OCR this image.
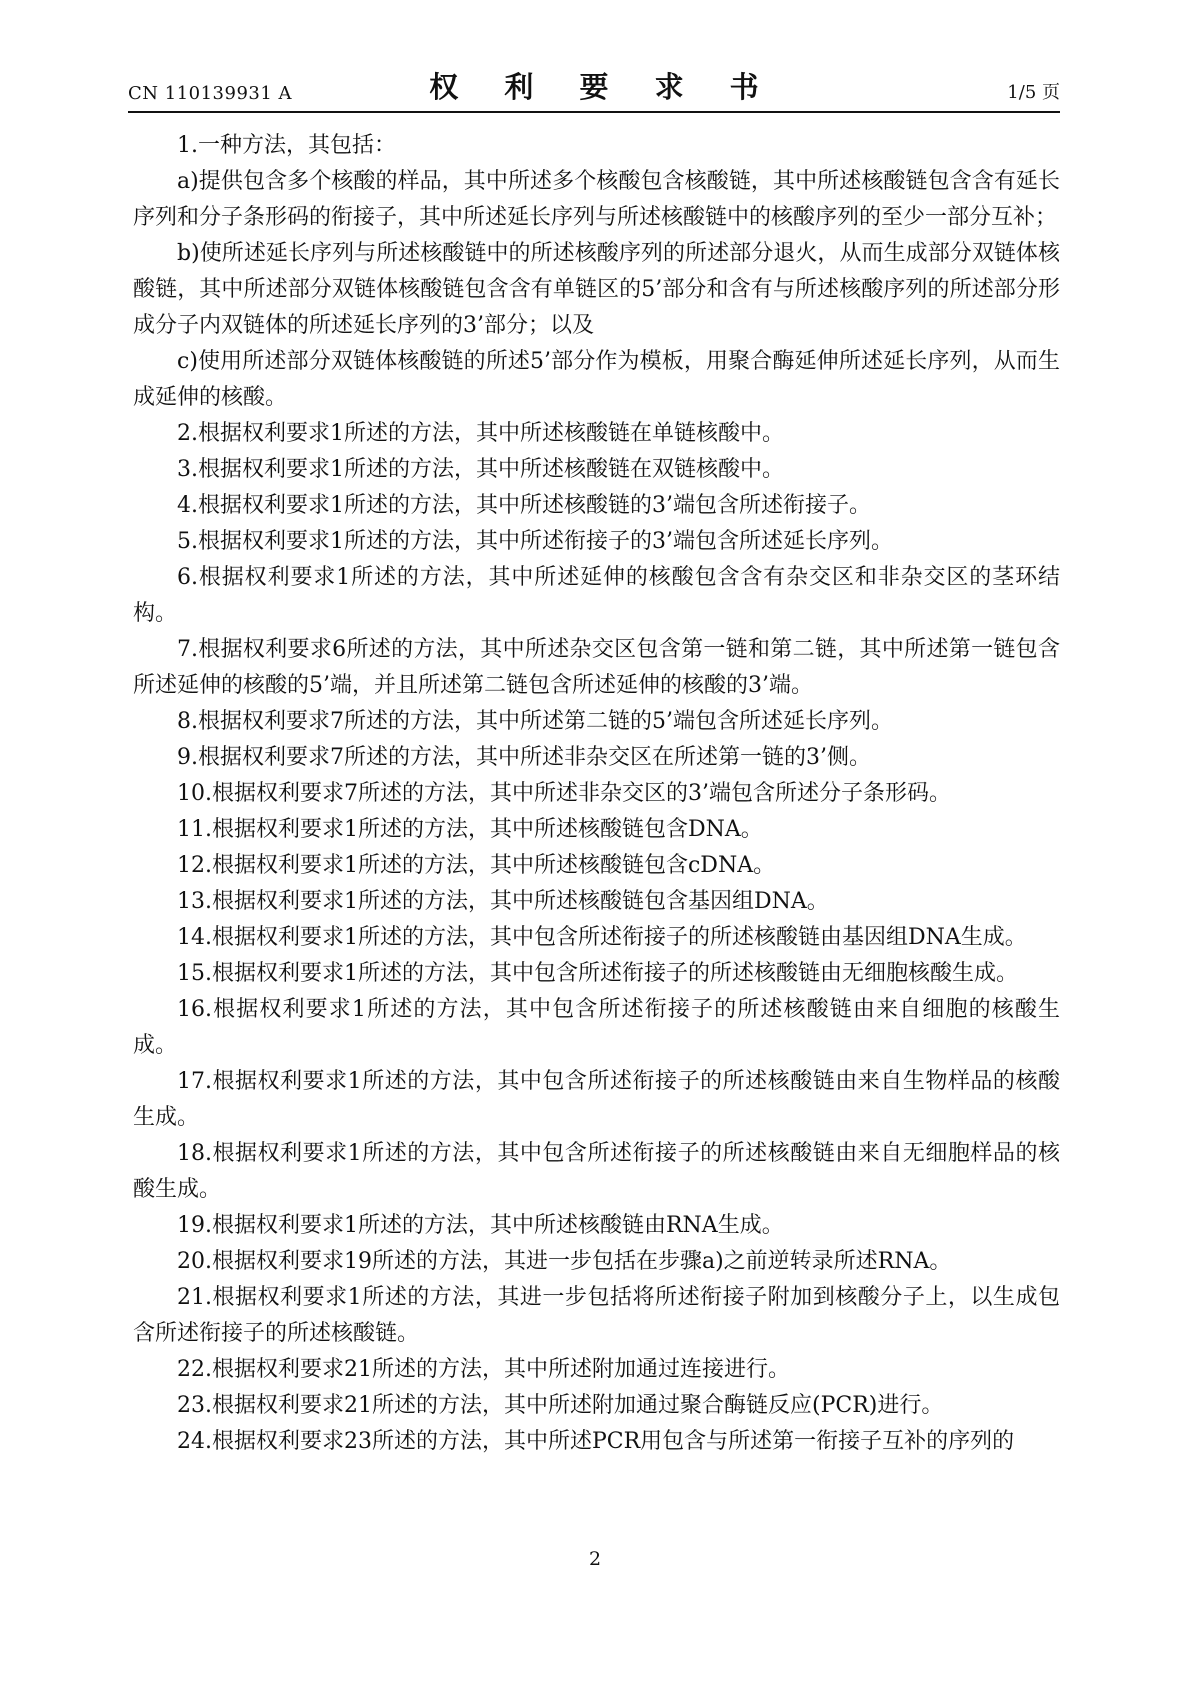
CN 110139931 A	权 利 要 求 书	1/5 页

1.一种方法，其包括：

a)提供包含多个核酸的样品，其中所述多个核酸包含核酸链，其中所述核酸链包含含有延长序列和分子条形码的衔接子，其中所述延长序列与所述核酸链中的核酸序列的至少一部分互补；

b)使所述延长序列与所述核酸链中的所述核酸序列的所述部分退火，从而生成部分双链体核酸链，其中所述部分双链体核酸链包含含有单链区的5’部分和含有与所述核酸序列的所述部分形成分子内双链体的所述延长序列的3’部分；以及

c)使用所述部分双链体核酸链的所述5’部分作为模板，用聚合酶延伸所述延长序列，从而生成延伸的核酸。

2.根据权利要求1所述的方法，其中所述核酸链在单链核酸中。

3.根据权利要求1所述的方法，其中所述核酸链在双链核酸中。

4.根据权利要求1所述的方法，其中所述核酸链的3’端包含所述衔接子。

5.根据权利要求1所述的方法，其中所述衔接子的3’端包含所述延长序列。

6.根据权利要求1所述的方法，其中所述延伸的核酸包含含有杂交区和非杂交区的茎环结构。

7.根据权利要求6所述的方法，其中所述杂交区包含第一链和第二链，其中所述第一链包含所述延伸的核酸的5’端，并且所述第二链包含所述延伸的核酸的3’端。

8.根据权利要求7所述的方法，其中所述第二链的5’端包含所述延长序列。

9.根据权利要求7所述的方法，其中所述非杂交区在所述第一链的3’侧。

10.根据权利要求7所述的方法，其中所述非杂交区的3’端包含所述分子条形码。

11.根据权利要求1所述的方法，其中所述核酸链包含DNA。

12.根据权利要求1所述的方法，其中所述核酸链包含cDNA。

13.根据权利要求1所述的方法，其中所述核酸链包含基因组DNA。

14.根据权利要求1所述的方法，其中包含所述衔接子的所述核酸链由基因组DNA生成。

15.根据权利要求1所述的方法，其中包含所述衔接子的所述核酸链由无细胞核酸生成。

16.根据权利要求1所述的方法，其中包含所述衔接子的所述核酸链由来自细胞的核酸生成。

17.根据权利要求1所述的方法，其中包含所述衔接子的所述核酸链由来自生物样品的核酸生成。

18.根据权利要求1所述的方法，其中包含所述衔接子的所述核酸链由来自无细胞样品的核酸生成。

19.根据权利要求1所述的方法，其中所述核酸链由RNA生成。

20.根据权利要求19所述的方法，其进一步包括在步骤a)之前逆转录所述RNA。

21.根据权利要求1所述的方法，其进一步包括将所述衔接子附加到核酸分子上，以生成包含所述衔接子的所述核酸链。

22.根据权利要求21所述的方法，其中所述附加通过连接进行。

23.根据权利要求21所述的方法，其中所述附加通过聚合酶链反应(PCR)进行。

24.根据权利要求23所述的方法，其中所述PCR用包含与所述第一衔接子互补的序列的

2
